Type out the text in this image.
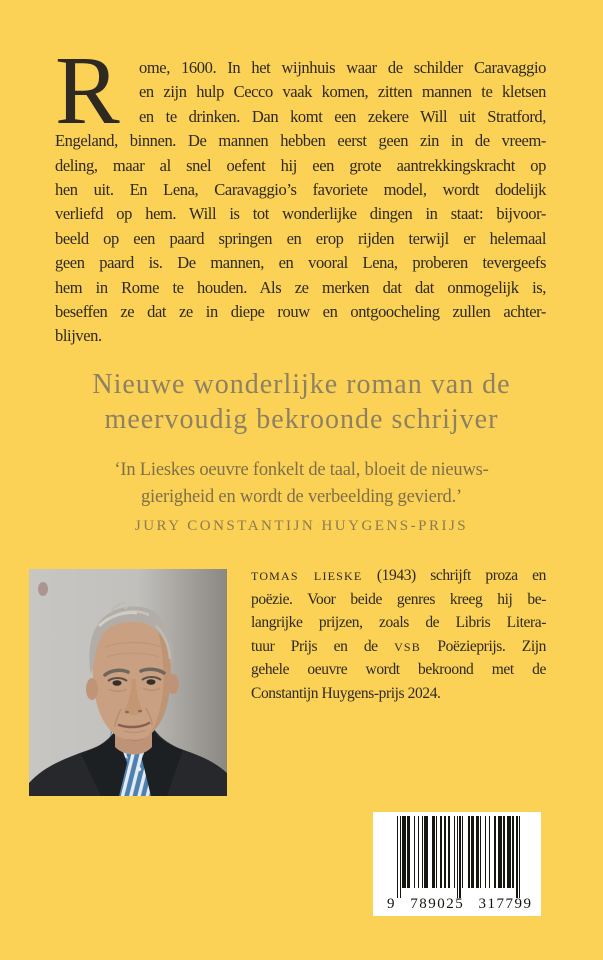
R	ome, 1600. In het wijnhuis waar de schilder Caravaggio
en zijn hulp Cecco vaak komen, zitten mannen te kletsen
en te drinken. Dan komt een zekere Will uit Stratford,
Engeland, binnen. De mannen hebben eerst geen zin in de vreem-
deling, maar al snel oefent hij een grote aantrekkingskracht op
hen uit. En Lena, Caravaggio’s favoriete model, wordt dodelijk
verliefd op hem. Will is tot wonderlijke dingen in staat: bijvoor-
beeld op een paard springen en erop rijden terwijl er helemaal
geen paard is. De mannen, en vooral Lena, proberen tevergeefs
hem in Rome te houden. Als ze merken dat dat onmogelijk is,
beseffen ze dat ze in diepe rouw en ontgoocheling zullen achter-
blijven.
Nieuwe wonderlijke roman van de
meervoudig bekroonde schrijver
‘In Lieskes oeuvre fonkelt de taal, bloeit de nieuws-
gierigheid en wordt de verbeelding gevierd.’
JURY CONSTANTIJN HUYGENS-PRIJS
TOMAS LIESKE (1943) schrijft proza en
poëzie. Voor beide genres kreeg hij be-
langrijke prijzen, zoals de Libris Litera-
tuur Prijs en de VSB Poëzieprijs. Zijn
gehele oeuvre wordt bekroond met de
Constantijn Huygens-prijs 2024.
9 789025 317799
